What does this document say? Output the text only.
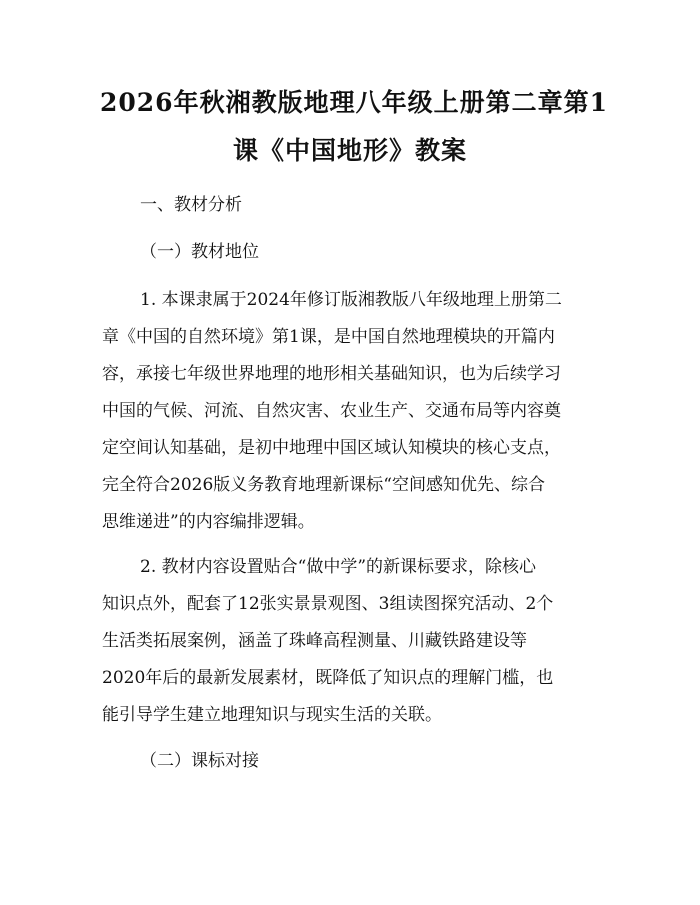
2026年秋湘教版地理八年级上册第二章第1
课《中国地形》教案
一、教材分析
（一）教材地位
1. 本课隶属于2024年修订版湘教版八年级地理上册第二
章《中国的自然环境》第1课，是中国自然地理模块的开篇内
容，承接七年级世界地理的地形相关基础知识，也为后续学习
中国的气候、河流、自然灾害、农业生产、交通布局等内容奠
定空间认知基础，是初中地理中国区域认知模块的核心支点，
完全符合2026版义务教育地理新课标“空间感知优先、综合
思维递进”的内容编排逻辑。
2. 教材内容设置贴合“做中学”的新课标要求，除核心
知识点外，配套了12张实景景观图、3组读图探究活动、2个
生活类拓展案例，涵盖了珠峰高程测量、川藏铁路建设等
2020年后的最新发展素材，既降低了知识点的理解门槛，也
能引导学生建立地理知识与现实生活的关联。
（二）课标对接
